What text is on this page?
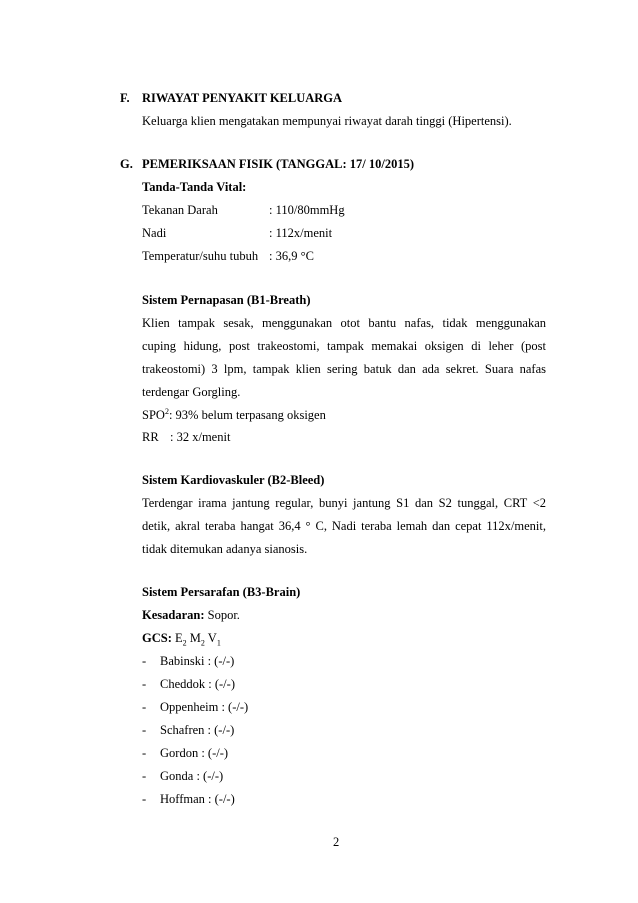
F. RIWAYAT PENYAKIT KELUARGA
Keluarga klien mengatakan mempunyai riwayat darah tinggi (Hipertensi).
G. PEMERIKSAAN FISIK (TANGGAL: 17/ 10/2015)
Tanda-Tanda Vital:
Tekanan Darah	: 110/80mmHg
Nadi	: 112x/menit
Temperatur/suhu tubuh : 36,9 °C
Sistem Pernapasan (B1-Breath)
Klien tampak sesak, menggunakan otot bantu nafas, tidak menggunakan
cuping hidung, post trakeostomi, tampak memakai oksigen di leher (post
trakeostomi) 3 lpm, tampak klien sering batuk dan ada sekret. Suara nafas
terdengar Gorgling.
SPO$^2$: 93% belum terpasang oksigen
RR : 32 x/menit
Sistem Kardiovaskuler (B2-Bleed)
Terdengar irama jantung regular, bunyi jantung S1 dan S2 tunggal, CRT <2
detik, akral teraba hangat 36,4 ° C, Nadi teraba lemah dan cepat 112x/menit,
tidak ditemukan adanya sianosis.
Sistem Persarafan (B3-Brain)
Kesadaran: Sopor.
GCS: $E_2$ $M_2$ $V_1$
- Babinski : (-/-)
- Cheddok : (-/-)
- Oppenheim : (-/-)
- Schafren : (-/-)
- Gordon : (-/-)
- Gonda : (-/-)
- Hoffman : (-/-)
2
